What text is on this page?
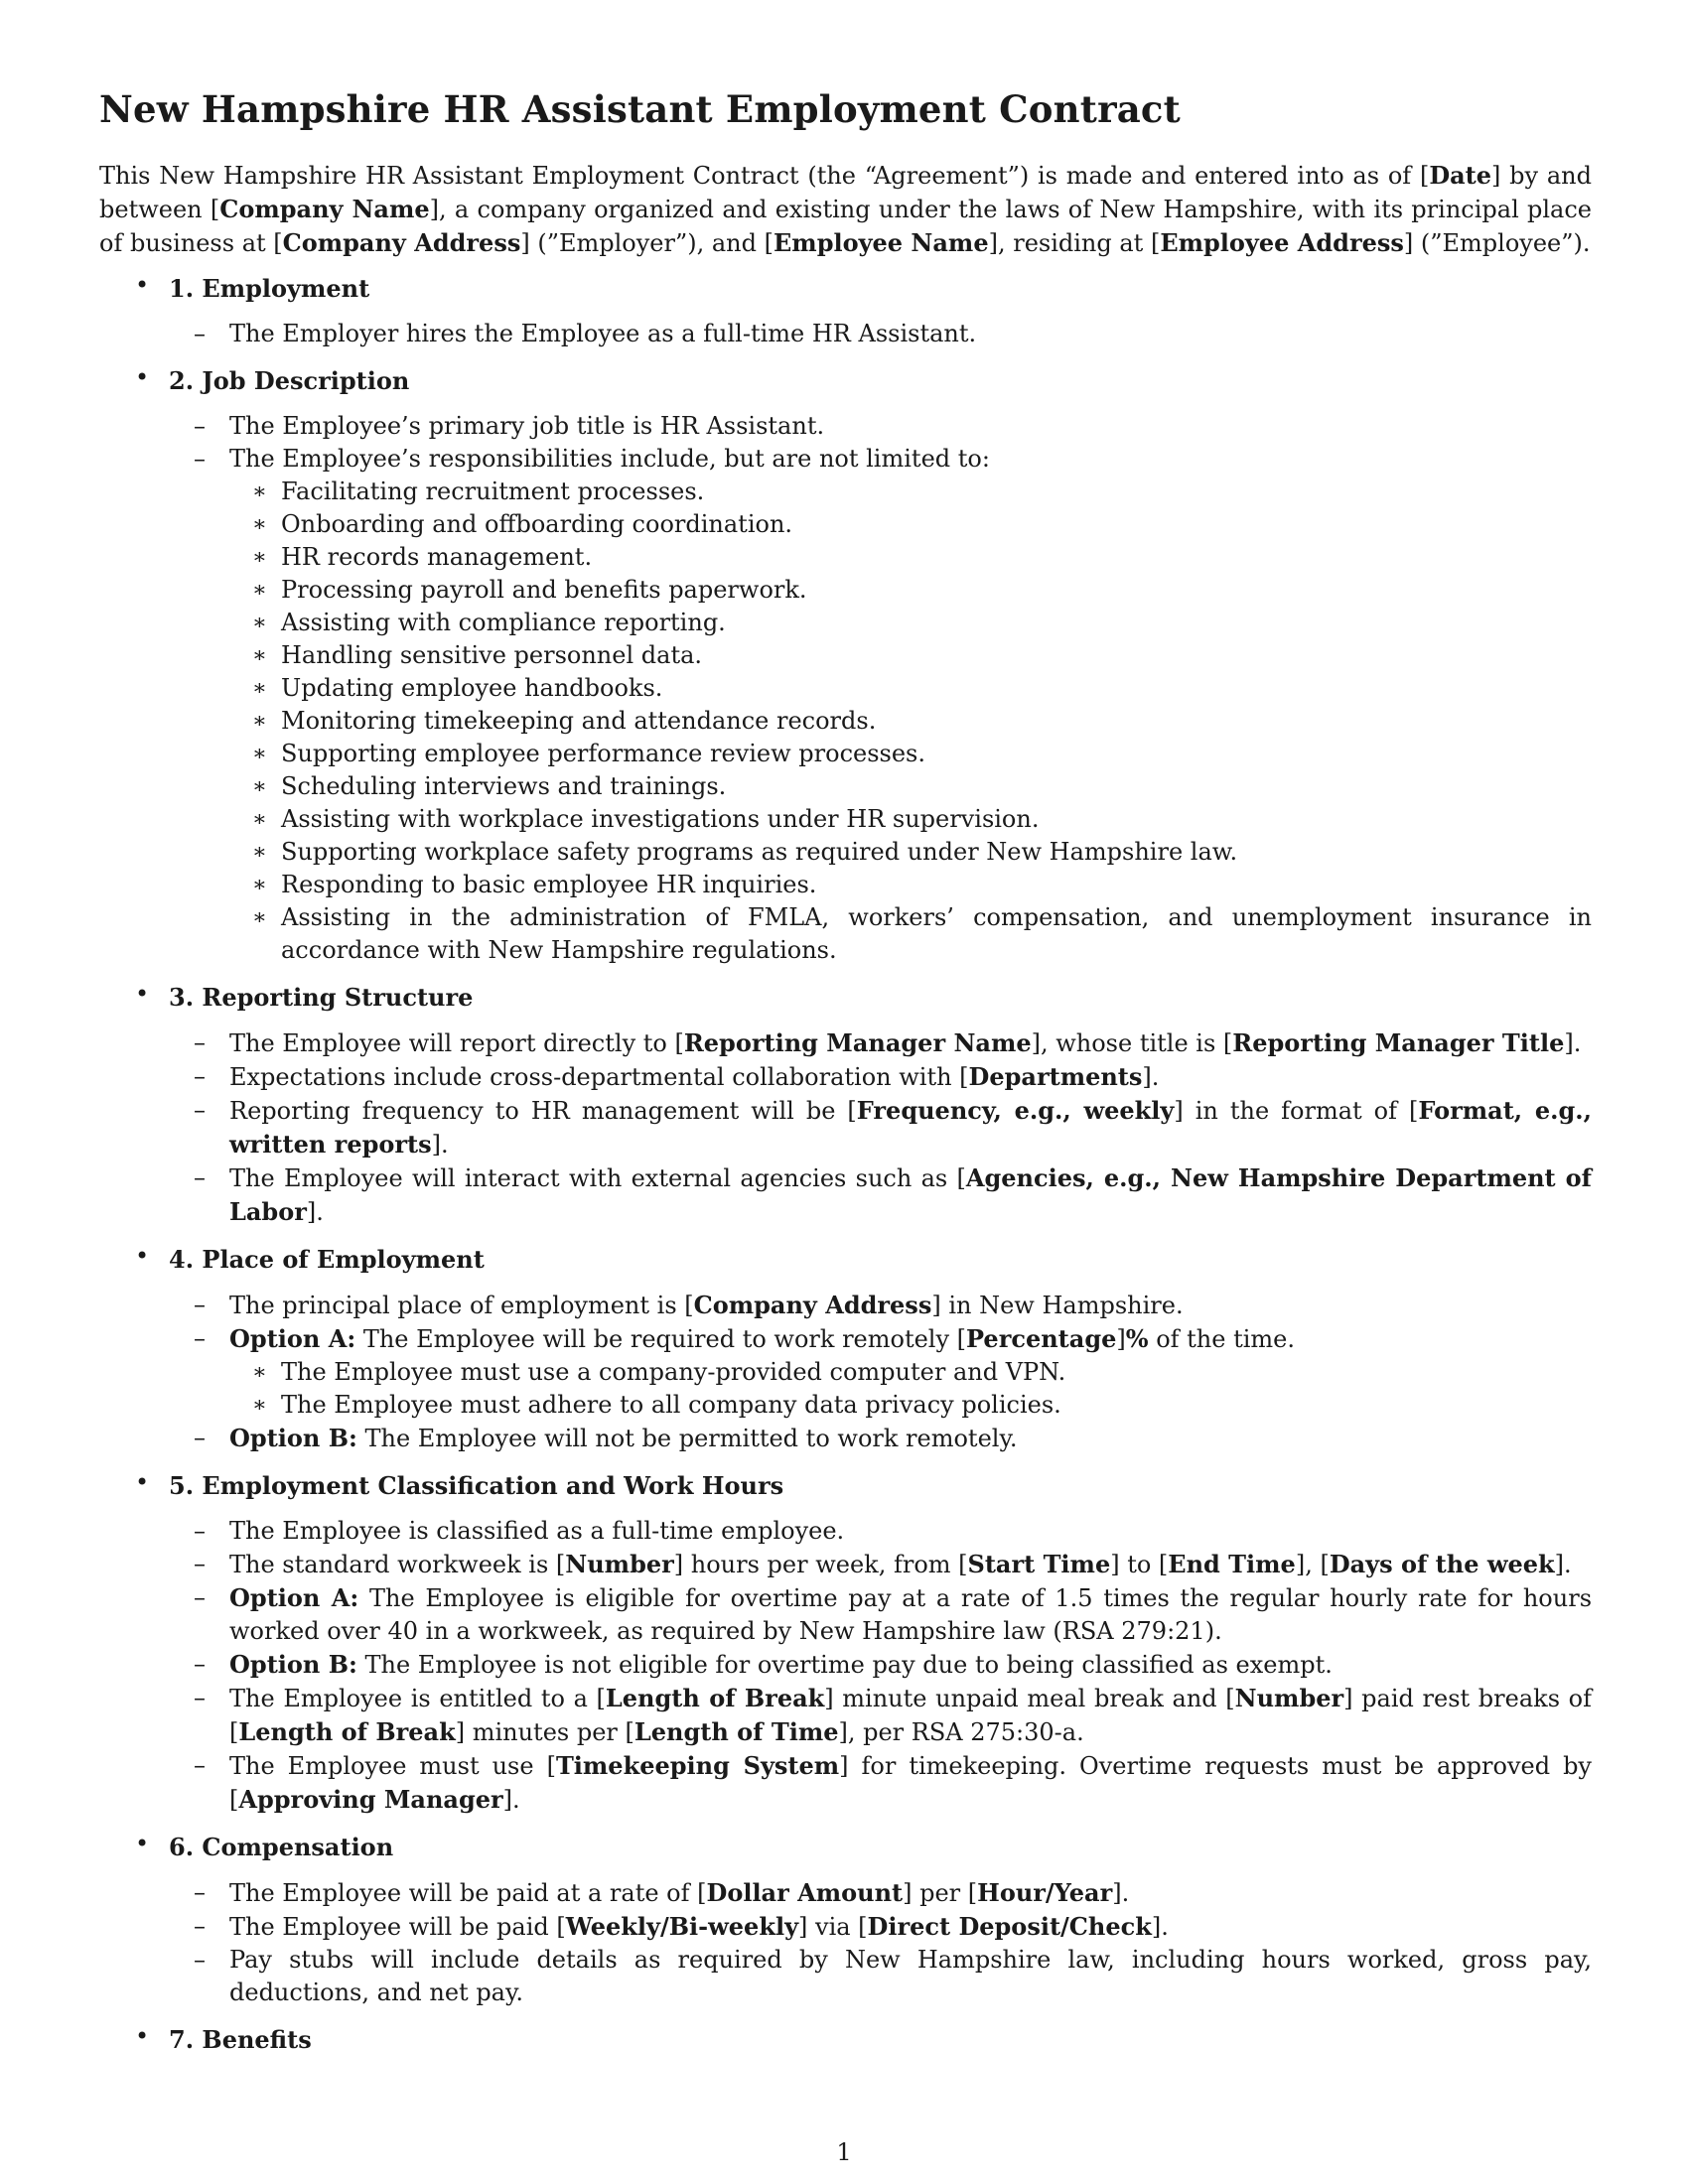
New Hampshire HR Assistant Employment Contract

This New Hampshire HR Assistant Employment Contract (the “Agreement”) is made and entered into as of [Date] by and between [Company Name], a company organized and existing under the laws of New Hampshire, with its principal place of business at [Company Address] (”Employer”), and [Employee Name], residing at [Employee Address] (”Employee”).

• 1. Employment
– The Employer hires the Employee as a full-time HR Assistant.
• 2. Job Description
– The Employee’s primary job title is HR Assistant.
– The Employee’s responsibilities include, but are not limited to:
∗ Facilitating recruitment processes.
∗ Onboarding and offboarding coordination.
∗ HR records management.
∗ Processing payroll and benefits paperwork.
∗ Assisting with compliance reporting.
∗ Handling sensitive personnel data.
∗ Updating employee handbooks.
∗ Monitoring timekeeping and attendance records.
∗ Supporting employee performance review processes.
∗ Scheduling interviews and trainings.
∗ Assisting with workplace investigations under HR supervision.
∗ Supporting workplace safety programs as required under New Hampshire law.
∗ Responding to basic employee HR inquiries.
∗ Assisting in the administration of FMLA, workers’ compensation, and unemployment insurance in accordance with New Hampshire regulations.
• 3. Reporting Structure
– The Employee will report directly to [Reporting Manager Name], whose title is [Reporting Manager Title].
– Expectations include cross-departmental collaboration with [Departments].
– Reporting frequency to HR management will be [Frequency, e.g., weekly] in the format of [Format, e.g., written reports].
– The Employee will interact with external agencies such as [Agencies, e.g., New Hampshire Department of Labor].
• 4. Place of Employment
– The principal place of employment is [Company Address] in New Hampshire.
– Option A: The Employee will be required to work remotely [Percentage]% of the time.
∗ The Employee must use a company-provided computer and VPN.
∗ The Employee must adhere to all company data privacy policies.
– Option B: The Employee will not be permitted to work remotely.
• 5. Employment Classification and Work Hours
– The Employee is classified as a full-time employee.
– The standard workweek is [Number] hours per week, from [Start Time] to [End Time], [Days of the week].
– Option A: The Employee is eligible for overtime pay at a rate of 1.5 times the regular hourly rate for hours worked over 40 in a workweek, as required by New Hampshire law (RSA 279:21).
– Option B: The Employee is not eligible for overtime pay due to being classified as exempt.
– The Employee is entitled to a [Length of Break] minute unpaid meal break and [Number] paid rest breaks of [Length of Break] minutes per [Length of Time], per RSA 275:30-a.
– The Employee must use [Timekeeping System] for timekeeping. Overtime requests must be approved by [Approving Manager].
• 6. Compensation
– The Employee will be paid at a rate of [Dollar Amount] per [Hour/Year].
– The Employee will be paid [Weekly/Bi-weekly] via [Direct Deposit/Check].
– Pay stubs will include details as required by New Hampshire law, including hours worked, gross pay, deductions, and net pay.
• 7. Benefits
1
